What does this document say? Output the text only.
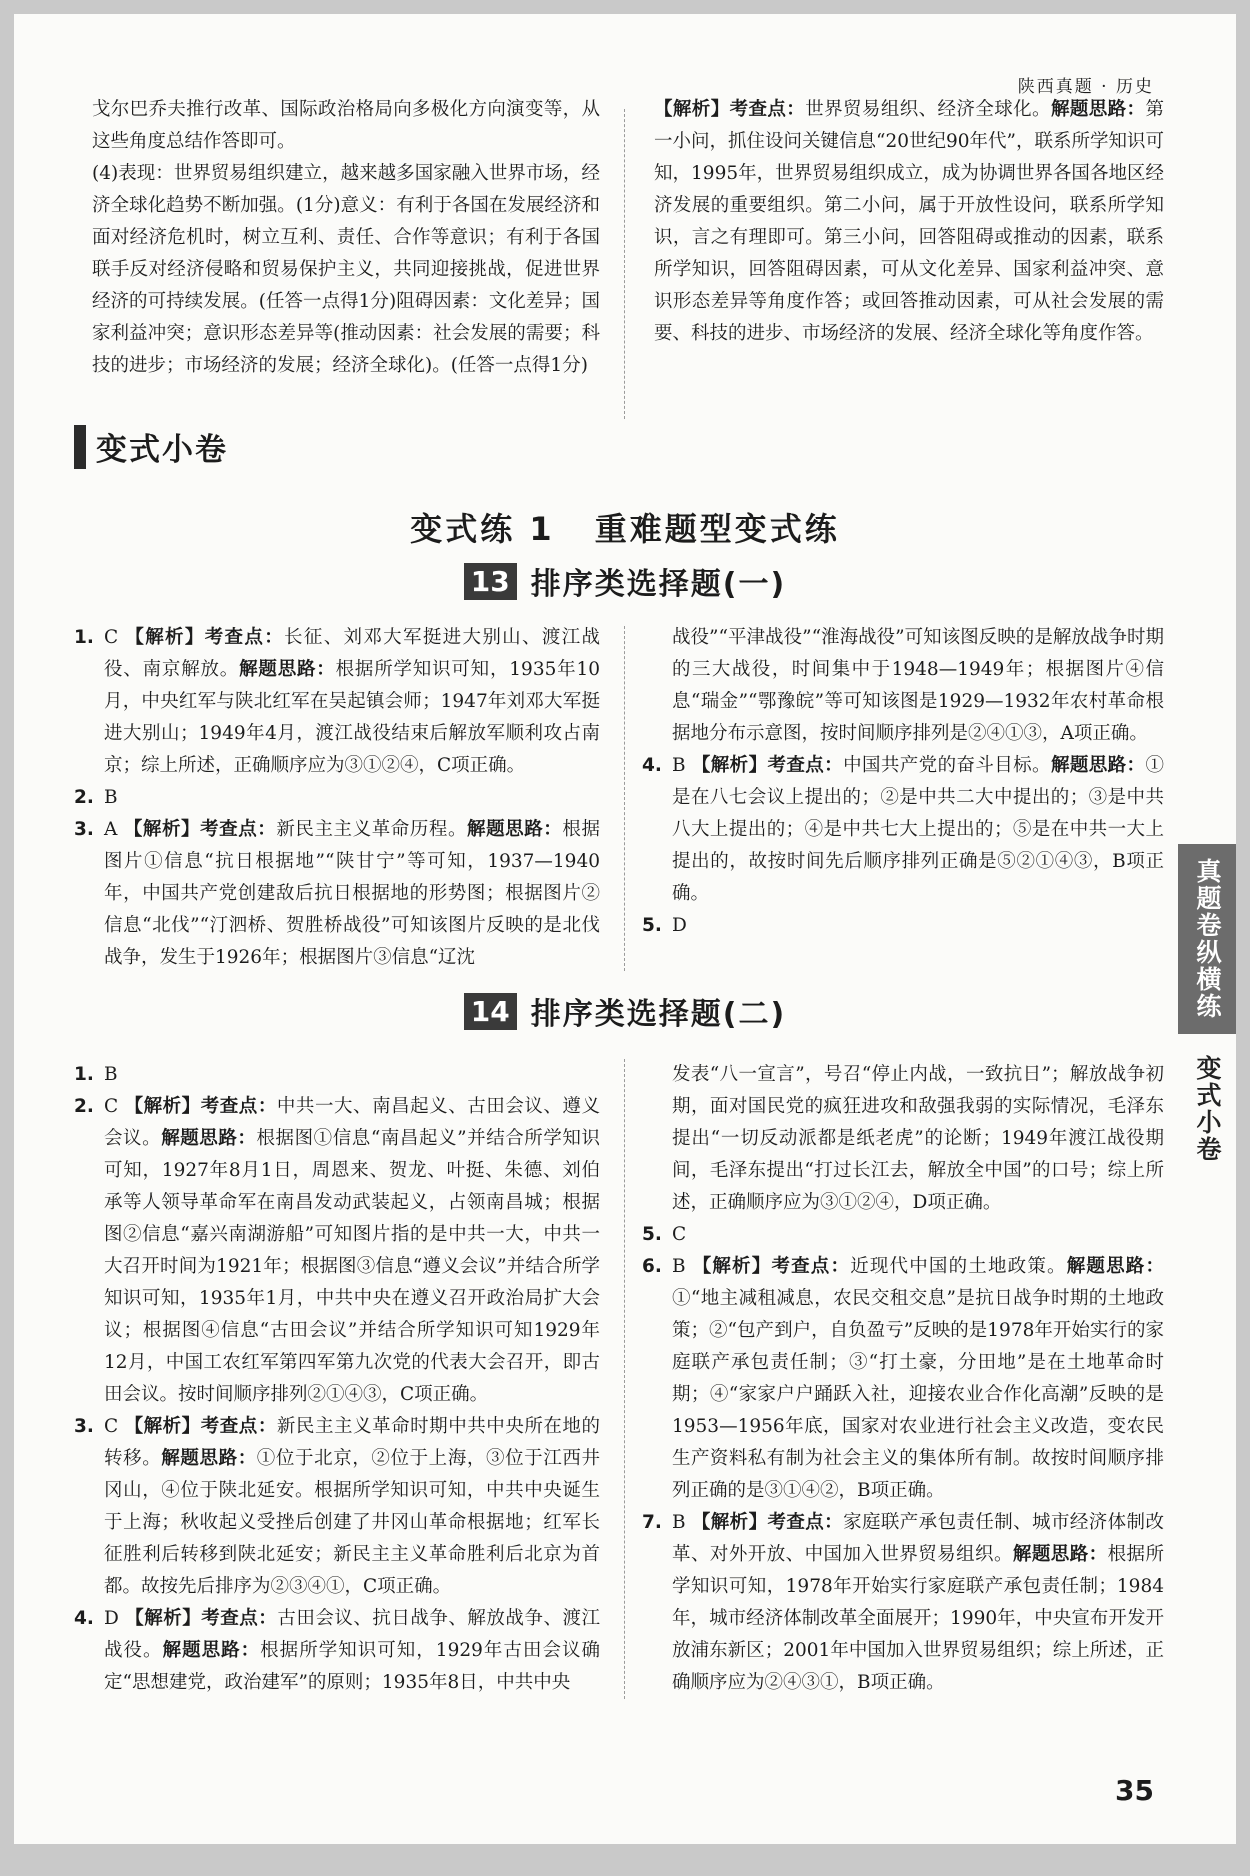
陕西真题 · 历史

戈尔巴乔夫推行改革、国际政治格局向多极化方向演变等，从这些角度总结作答即可。

(4)表现：世界贸易组织建立，越来越多国家融入世界市场，经济全球化趋势不断加强。(1分)意义：有利于各国在发展经济和面对经济危机时，树立互利、责任、合作等意识；有利于各国联手反对经济侵略和贸易保护主义，共同迎接挑战，促进世界经济的可持续发展。(任答一点得1分)阻碍因素：文化差异；国家利益冲突；意识形态差异等(推动因素：社会发展的需要；科技的进步；市场经济的发展；经济全球化)。(任答一点得1分)

【解析】考查点：世界贸易组织、经济全球化。解题思路：第一小问，抓住设问关键信息“20世纪90年代”，联系所学知识可知，1995年，世界贸易组织成立，成为协调世界各国各地区经济发展的重要组织。第二小问，属于开放性设问，联系所学知识，言之有理即可。第三小问，回答阻碍或推动的因素，联系所学知识，回答阻碍因素，可从文化差异、国家利益冲突、意识形态差异等角度作答；或回答推动因素，可从社会发展的需要、科技的进步、市场经济的发展、经济全球化等角度作答。

变式小卷
变式练 1 重难题型变式练
13 排序类选择题(一)
1. C 【解析】考查点：长征、刘邓大军挺进大别山、渡江战役、南京解放。解题思路：根据所学知识可知，1935年10月，中央红军与陕北红军在吴起镇会师；1947年刘邓大军挺进大别山；1949年4月，渡江战役结束后解放军顺利攻占南京；综上所述，正确顺序应为③①②④，C项正确。
2. B
3. A 【解析】考查点：新民主主义革命历程。解题思路：根据图片①信息“抗日根据地”“陕甘宁”等可知，1937—1940年，中国共产党创建敌后抗日根据地的形势图；根据图片②信息“北伐”“汀泗桥、贺胜桥战役”可知该图片反映的是北伐战争，发生于1926年；根据图片③信息“辽沈

战役”“平津战役”“淮海战役”可知该图反映的是解放战争时期的三大战役，时间集中于1948—1949年；根据图片④信息“瑞金”“鄂豫皖”等可知该图是1929—1932年农村革命根据地分布示意图，按时间顺序排列是②④①③，A项正确。

4. B 【解析】考查点：中国共产党的奋斗目标。解题思路：①是在八七会议上提出的；②是中共二大中提出的；③是中共八大上提出的；④是中共七大上提出的；⑤是在中共一大上提出的，故按时间先后顺序排列正确是⑤②①④③，B项正确。
5. D
14 排序类选择题(二)
1. B
2. C 【解析】考查点：中共一大、南昌起义、古田会议、遵义会议。解题思路：根据图①信息“南昌起义”并结合所学知识可知，1927年8月1日，周恩来、贺龙、叶挺、朱德、刘伯承等人领导革命军在南昌发动武装起义，占领南昌城；根据图②信息“嘉兴南湖游船”可知图片指的是中共一大，中共一大召开时间为1921年；根据图③信息“遵义会议”并结合所学知识可知，1935年1月，中共中央在遵义召开政治局扩大会议；根据图④信息“古田会议”并结合所学知识可知1929年12月，中国工农红军第四军第九次党的代表大会召开，即古田会议。按时间顺序排列②①④③，C项正确。
3. C 【解析】考查点：新民主主义革命时期中共中央所在地的转移。解题思路：①位于北京，②位于上海，③位于江西井冈山，④位于陕北延安。根据所学知识可知，中共中央诞生于上海；秋收起义受挫后创建了井冈山革命根据地；红军长征胜利后转移到陕北延安；新民主主义革命胜利后北京为首都。故按先后排序为②③④①，C项正确。
4. D 【解析】考查点：古田会议、抗日战争、解放战争、渡江战役。解题思路：根据所学知识可知，1929年古田会议确定“思想建党，政治建军”的原则；1935年8日，中共中央

发表“八一宣言”，号召“停止内战，一致抗日”；解放战争初期，面对国民党的疯狂进攻和敌强我弱的实际情况，毛泽东提出“一切反动派都是纸老虎”的论断；1949年渡江战役期间，毛泽东提出“打过长江去，解放全中国”的口号；综上所述，正确顺序应为③①②④，D项正确。

5. C
6. B 【解析】考查点：近现代中国的土地政策。解题思路：①“地主减租减息，农民交租交息”是抗日战争时期的土地政策；②“包产到户，自负盈亏”反映的是1978年开始实行的家庭联产承包责任制；③“打土豪，分田地”是在土地革命时期；④“家家户户踊跃入社，迎接农业合作化高潮”反映的是1953—1956年底，国家对农业进行社会主义改造，变农民生产资料私有制为社会主义的集体所有制。故按时间顺序排列正确的是③①④②，B项正确。
7. B 【解析】考查点：家庭联产承包责任制、城市经济体制改革、对外开放、中国加入世界贸易组织。解题思路：根据所学知识可知，1978年开始实行家庭联产承包责任制；1984年，城市经济体制改革全面展开；1990年，中央宣布开发开放浦东新区；2001年中国加入世界贸易组织；综上所述，正确顺序应为②④③①，B项正确。
真题卷纵横练
变式小卷
35
